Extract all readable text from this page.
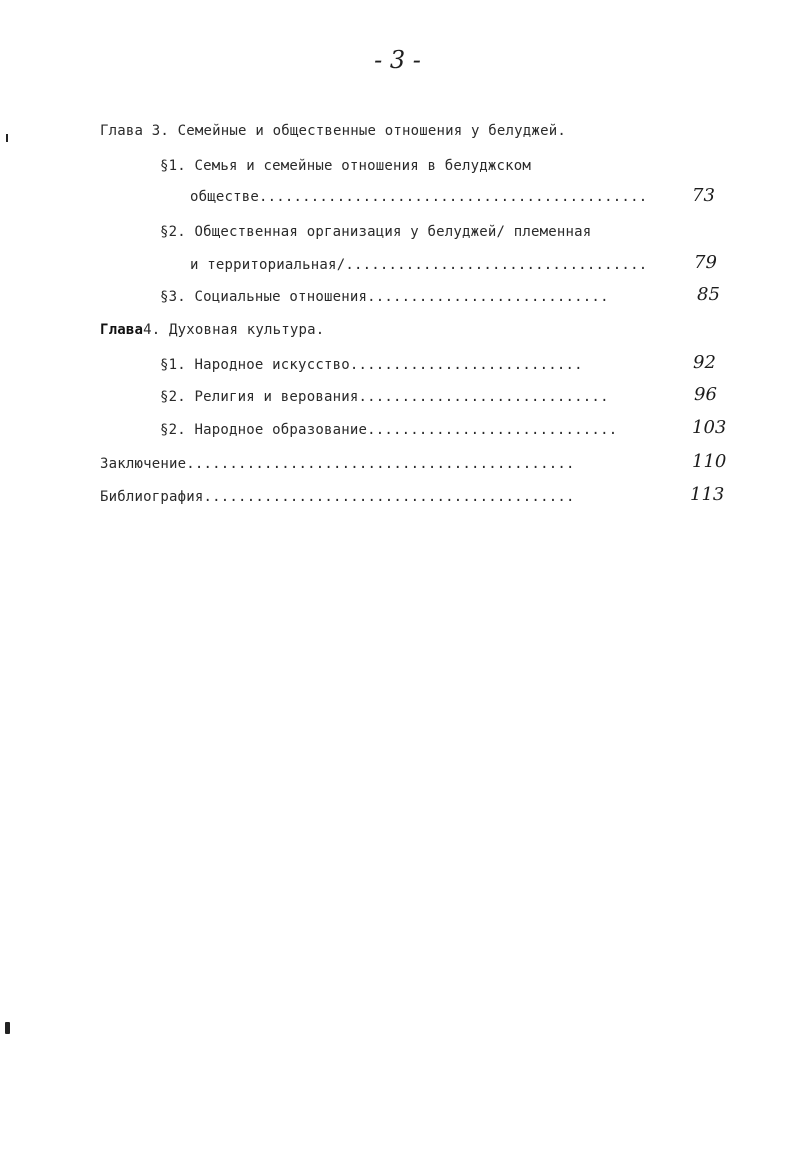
- 3 -
Глава 3. Семейные и общественные отношения у белуджей.
§1. Семья и семейные отношения в белуджском
обществе............................................. 73
§2. Общественная организация у белуджей/ племенная
и территориальная/...................................	79
§3. Социальные отношения............................	85
Глава4. Духовная культура.
§1. Народное искусство...........................	92
§2. Религия и верования.............................	96
§2. Народное образование.............................	103
Заключение.............................................	110
Библиография...........................................	113
